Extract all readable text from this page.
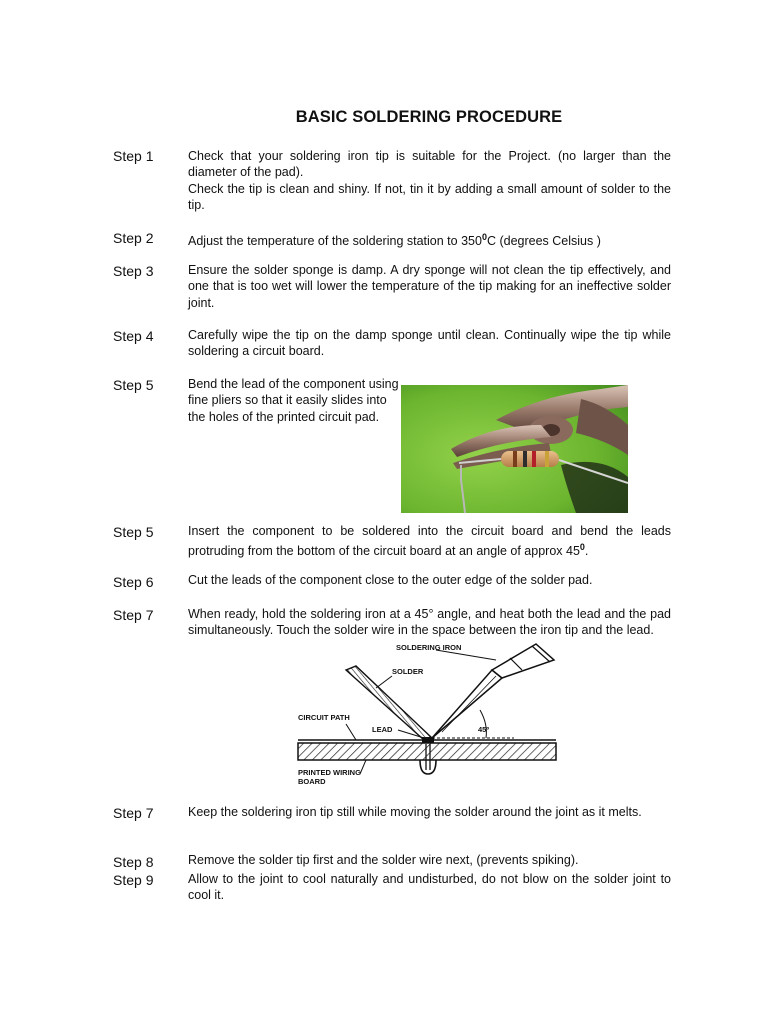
BASIC SOLDERING PROCEDURE
Step 1	Check that your soldering iron tip is suitable for the Project. (no larger than the diameter of the pad).
Check the tip is clean and shiny. If not, tin it by adding a small amount of solder to the tip.
Step 2	Adjust the temperature of the soldering station to $350^0C$ (degrees Celsius )
Step 3	Ensure the solder sponge is damp. A dry sponge will not clean the tip effectively, and one that is too wet will lower the temperature of the tip making for an ineffective solder joint.
Step 4	Carefully wipe the tip on the damp sponge until clean. Continually wipe the tip while soldering a circuit board.
Step 5	Bend the lead of the component using fine pliers so that it easily slides into the holes of the printed circuit pad.
Step 5	Insert the component to be soldered into the circuit board and bend the leads protruding from the bottom of the circuit board at an angle of approx $45^0$.
Step 6	Cut the leads of the component close to the outer edge of the solder pad.
Step 7	When ready, hold the soldering iron at a 45° angle, and heat both the lead and the pad simultaneously. Touch the solder wire in the space between the iron tip and the lead.
SOLDERING IRON
SOLDER
CIRCUIT PATH
LEAD	45º
PRINTED WIRING
BOARD
Step 7	Keep the soldering iron tip still while moving the solder around the joint as it melts.
Step 8	Remove the solder tip first and the solder wire next, (prevents spiking).
Step 9	Allow to the joint to cool naturally and undisturbed, do not blow on the solder joint to cool it.
